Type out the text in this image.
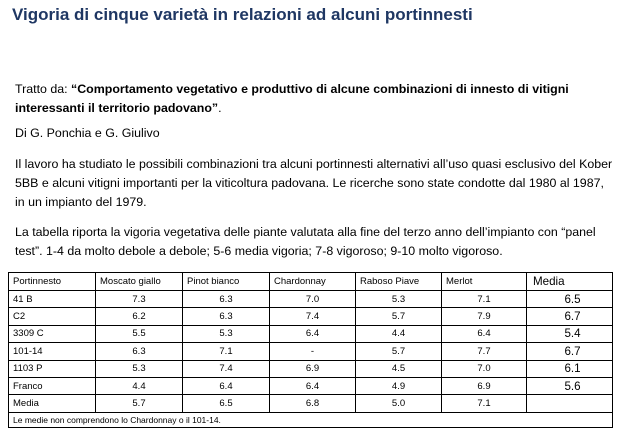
Vigoria di cinque varietà in relazioni ad alcuni portinnesti
Tratto da: “Comportamento vegetativo e produttivo di alcune combinazioni di innesto di vitigni interessanti il territorio padovano”.
Di G. Ponchia e G. Giulivo
Il lavoro ha studiato le possibili combinazioni tra alcuni portinnesti alternativi all’uso quasi esclusivo del Kober 5BB e alcuni vitigni importanti per la viticoltura padovana. Le ricerche sono state condotte dal 1980 al 1987, in un impianto del 1979.
La tabella riporta la vigoria vegetativa delle piante valutata alla fine del terzo anno dell’impianto con “panel test”. 1-4 da molto debole a debole; 5-6 media vigoria; 7-8 vigoroso; 9-10 molto vigoroso.
Portinnesto	Moscato giallo	Pinot bianco	Chardonnay	Raboso Piave	Merlot	Media
41 B	7.3	6.3	7.0	5.3	7.1	6.5
C2	6.2	6.3	7.4	5.7	7.9	6.7
3309 C	5.5	5.3	6.4	4.4	6.4	5.4
101-14	6.3	7.1	-	5.7	7.7	6.7
1103 P	5.3	7.4	6.9	4.5	7.0	6.1
Franco	4.4	6.4	6.4	4.9	6.9	5.6
Media	5.7	6.5	6.8	5.0	7.1	
Le medie non comprendono lo Chardonnay o il 101-14.						
